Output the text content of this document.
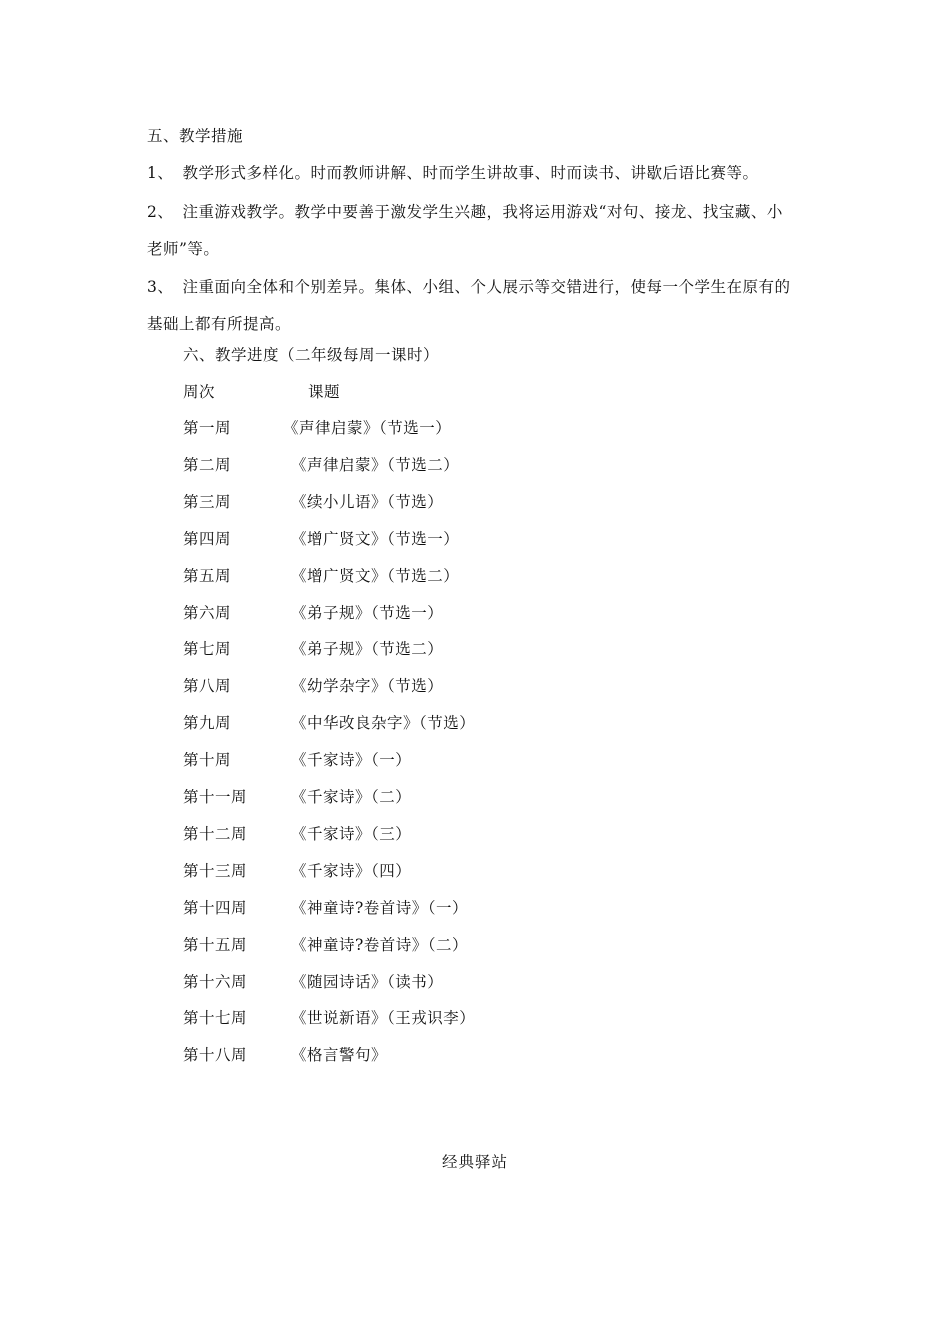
五、教学措施
1、 教学形式多样化。时而教师讲解、时而学生讲故事、时而读书、讲歇后语比赛等。
2、 注重游戏教学。教学中要善于激发学生兴趣，我将运用游戏“对句、接龙、找宝藏、小
老师”等。
3、 注重面向全体和个别差异。集体、小组、个人展示等交错进行，使每一个学生在原有的
基础上都有所提高。
六、教学进度（二年级每周一课时）
周次	课题
第一周	《声律启蒙》（节选一）
第二周	《声律启蒙》（节选二）
第三周	《续小儿语》（节选）
第四周	《增广贤文》（节选一）
第五周	《增广贤文》（节选二）
第六周	《弟子规》（节选一）
第七周	《弟子规》（节选二）
第八周	《幼学杂字》（节选）
第九周	《中华改良杂字》（节选）
第十周	《千家诗》（一）
第十一周	《千家诗》（二）
第十二周	《千家诗》（三）
第十三周	《千家诗》（四）
第十四周	《神童诗?卷首诗》（一）
第十五周	《神童诗?卷首诗》（二）
第十六周	《随园诗话》（读书）
第十七周	《世说新语》（王戎识李）
第十八周	《格言警句》
经典驿站
